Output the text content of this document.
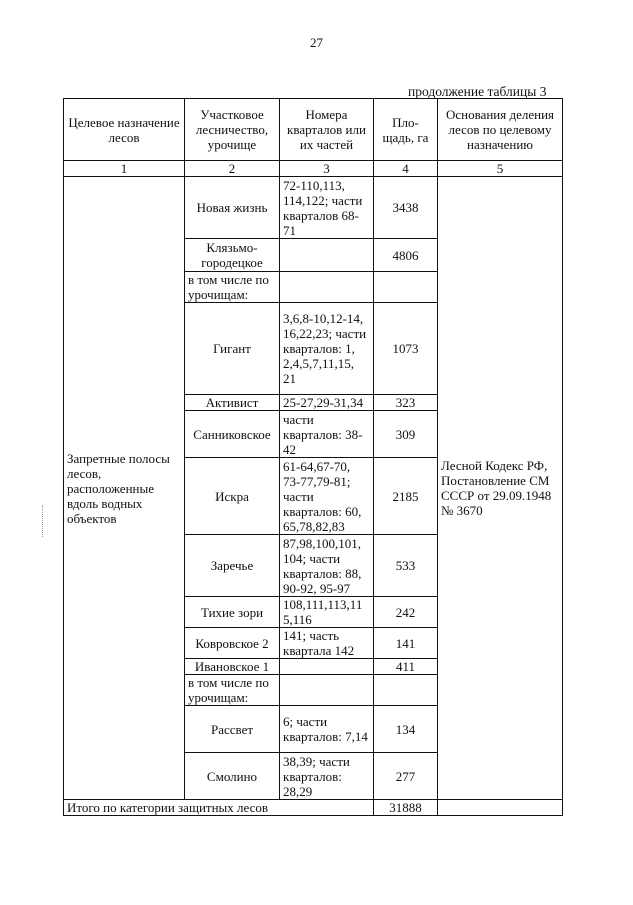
27
продолжение таблицы 3
Целевое назначение лесов	Участковое лесничество, урочище	Номера кварталов или их частей	Пло-щадь, га	Основания деления лесов по целевому назначению
1	2	3	4	5
Запретные полосы лесов, расположенные вдоль водных объектов	Новая жизнь	72-110,113, 114,122; части кварталов 68-71	3438	Лесной Кодекс РФ, Постановление СМ СССР от 29.09.1948 № 3670
	Клязьмо-городецкое		4806	
	в том числе по урочищам:			
	Гигант	3,6,8-10,12-14, 16,22,23; части кварталов: 1, 2,4,5,7,11,15, 21	1073	
	Активист	25-27,29-31,34	323	
	Санниковское	части кварталов: 38-42	309	
	Искра	61-64,67-70, 73-77,79-81; части кварталов: 60, 65,78,82,83	2185	
	Заречье	87,98,100,101, 104; части кварталов: 88, 90-92, 95-97	533	
	Тихие зори	108,111,113,11 5,116	242	
	Ковровское 2	141; часть квартала 142	141	
	Ивановское 1		411	
	в том числе по урочищам:			
	Рассвет	6; части кварталов: 7,14	134	
	Смолино	38,39; части кварталов: 28,29	277	
Итого по категории защитных лесов			31888	
